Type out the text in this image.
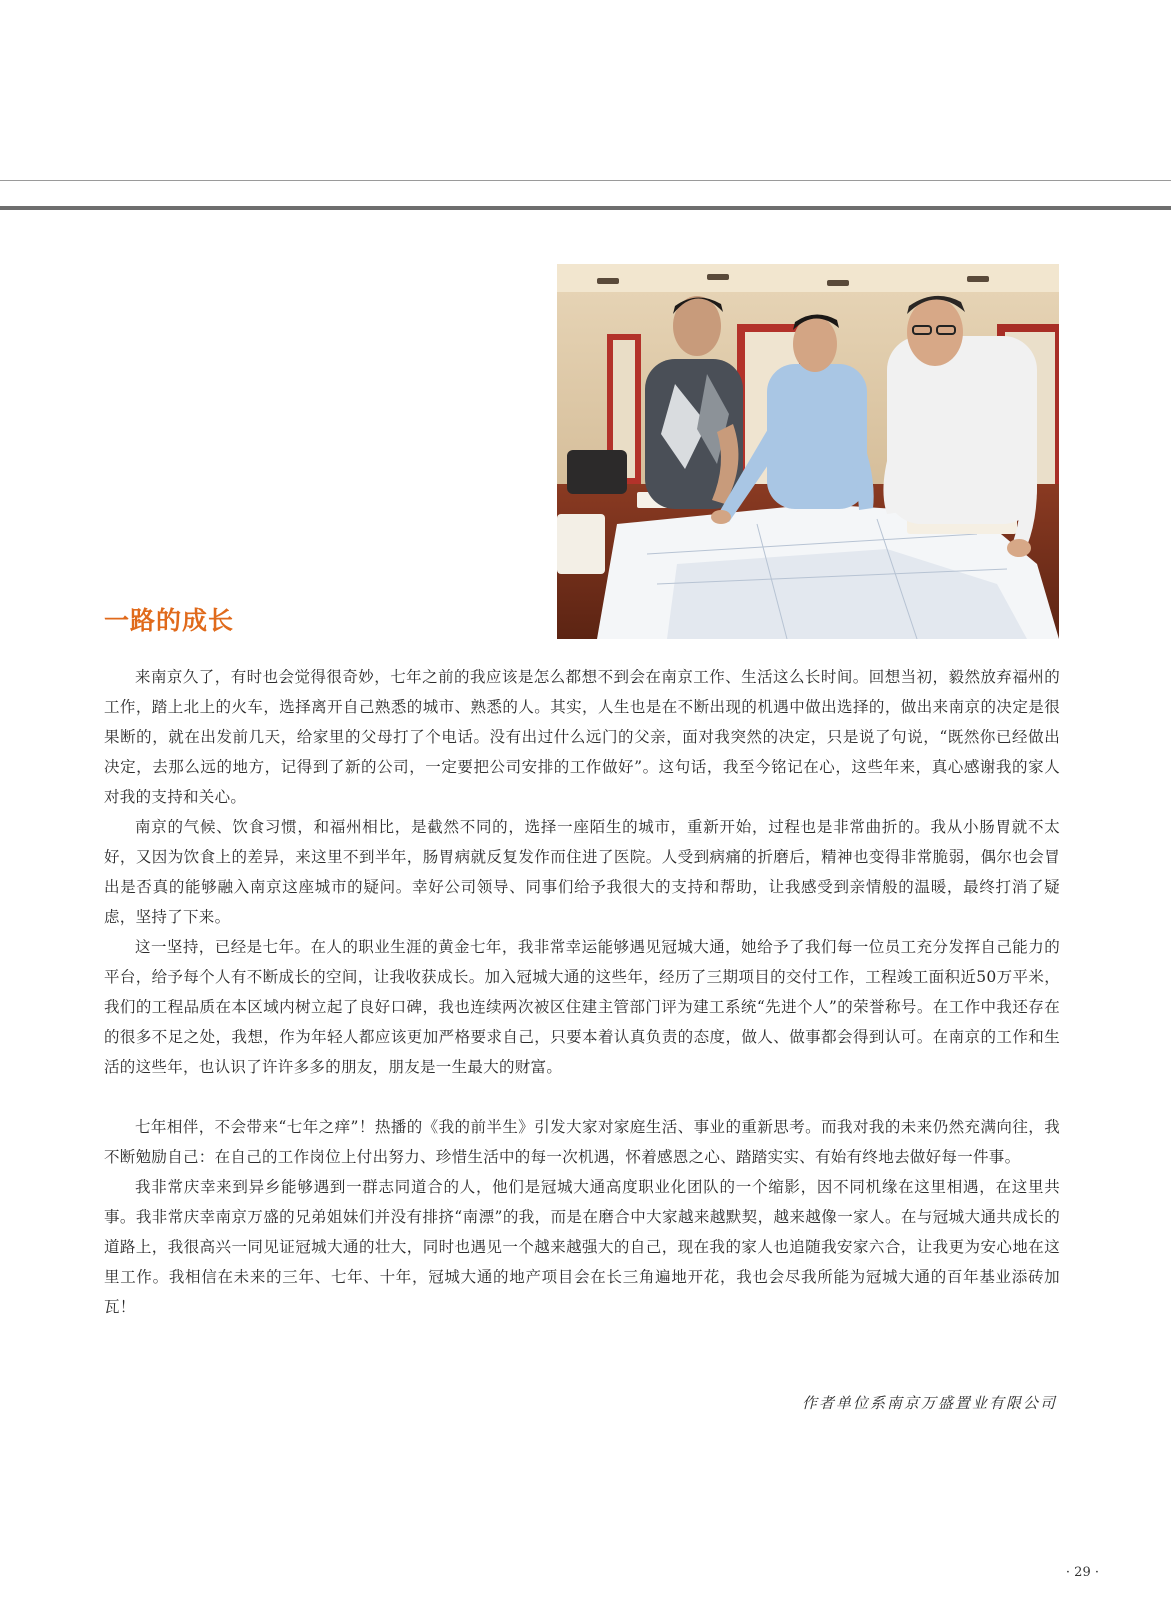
一路的成长

来南京久了，有时也会觉得很奇妙，七年之前的我应该是怎么都想不到会在南京工作、生活这么长时间。回想当初，毅然放弃福州的工作，踏上北上的火车，选择离开自己熟悉的城市、熟悉的人。其实，人生也是在不断出现的机遇中做出选择的，做出来南京的决定是很果断的，就在出发前几天，给家里的父母打了个电话。没有出过什么远门的父亲，面对我突然的决定，只是说了句说，“既然你已经做出决定，去那么远的地方，记得到了新的公司，一定要把公司安排的工作做好”。这句话，我至今铭记在心，这些年来，真心感谢我的家人对我的支持和关心。

南京的气候、饮食习惯，和福州相比，是截然不同的，选择一座陌生的城市，重新开始，过程也是非常曲折的。我从小肠胃就不太好，又因为饮食上的差异，来这里不到半年，肠胃病就反复发作而住进了医院。人受到病痛的折磨后，精神也变得非常脆弱，偶尔也会冒出是否真的能够融入南京这座城市的疑问。幸好公司领导、同事们给予我很大的支持和帮助，让我感受到亲情般的温暖，最终打消了疑虑，坚持了下来。

这一坚持，已经是七年。在人的职业生涯的黄金七年，我非常幸运能够遇见冠城大通，她给予了我们每一位员工充分发挥自己能力的平台，给予每个人有不断成长的空间，让我收获成长。加入冠城大通的这些年，经历了三期项目的交付工作，工程竣工面积近50万平米，我们的工程品质在本区域内树立起了良好口碑，我也连续两次被区住建主管部门评为建工系统“先进个人”的荣誉称号。在工作中我还存在的很多不足之处，我想，作为年轻人都应该更加严格要求自己，只要本着认真负责的态度，做人、做事都会得到认可。在南京的工作和生活的这些年，也认识了许许多多的朋友，朋友是一生最大的财富。

七年相伴，不会带来“七年之痒”！热播的《我的前半生》引发大家对家庭生活、事业的重新思考。而我对我的未来仍然充满向往，我不断勉励自己：在自己的工作岗位上付出努力、珍惜生活中的每一次机遇，怀着感恩之心、踏踏实实、有始有终地去做好每一件事。

我非常庆幸来到异乡能够遇到一群志同道合的人，他们是冠城大通高度职业化团队的一个缩影，因不同机缘在这里相遇，在这里共事。我非常庆幸南京万盛的兄弟姐妹们并没有排挤“南漂”的我，而是在磨合中大家越来越默契，越来越像一家人。在与冠城大通共成长的道路上，我很高兴一同见证冠城大通的壮大，同时也遇见一个越来越强大的自己，现在我的家人也追随我安家六合，让我更为安心地在这里工作。我相信在未来的三年、七年、十年，冠城大通的地产项目会在长三角遍地开花，我也会尽我所能为冠城大通的百年基业添砖加瓦！

作者单位系南京万盛置业有限公司
· 29 ·
